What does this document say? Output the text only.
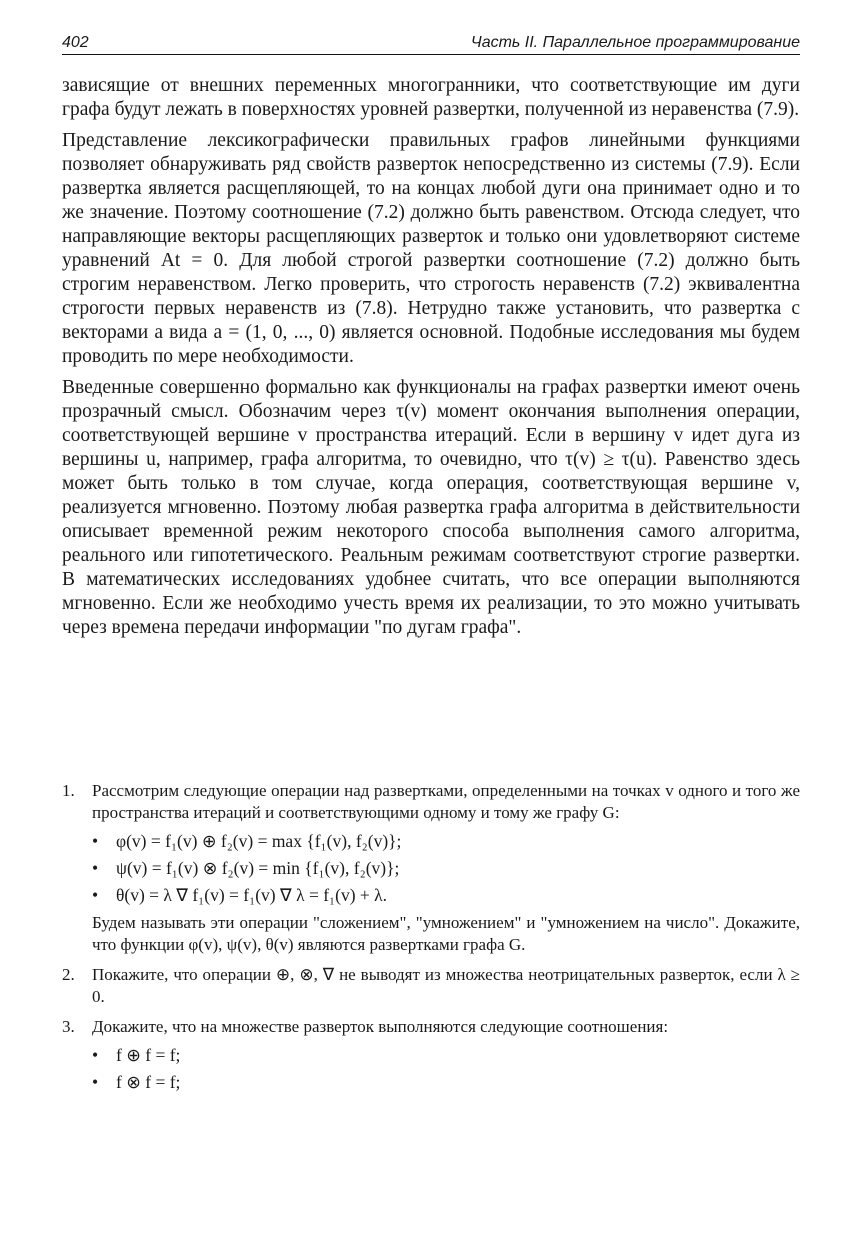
402	Часть II. Параллельное программирование

зависящие от внешних переменных многогранники, что соответствующие им дуги графа будут лежать в поверхностях уровней развертки, полученной из неравенства (7.9).

Представление лексикографически правильных графов линейными функциями позволяет обнаруживать ряд свойств разверток непосредственно из системы (7.9). Если развертка является расщепляющей, то на концах любой дуги она принимает одно и то же значение. Поэтому соотношение (7.2) должно быть равенством. Отсюда следует, что направляющие векторы расщепляющих разверток и только они удовлетворяют системе уравнений At = 0. Для любой строгой развертки соотношение (7.2) должно быть строгим неравенством. Легко проверить, что строгость неравенств (7.2) эквивалентна строгости первых неравенств из (7.8). Нетрудно также установить, что развертка с векторами a вида a = (1, 0, ..., 0) является основной. Подобные исследования мы будем проводить по мере необходимости.

Введенные совершенно формально как функционалы на графах развертки имеют очень прозрачный смысл. Обозначим через τ(v) момент окончания выполнения операции, соответствующей вершине v пространства итераций. Если в вершину v идет дуга из вершины u, например, графа алгоритма, то очевидно, что τ(v) ≥ τ(u). Равенство здесь может быть только в том случае, когда операция, соответствующая вершине v, реализуется мгновенно. Поэтому любая развертка графа алгоритма в действительности описывает временной режим некоторого способа выполнения самого алгоритма, реального или гипотетического. Реальным режимам соответствуют строгие развертки. В математических исследованиях удобнее считать, что все операции выполняются мгновенно. Если же необходимо учесть время их реализации, то это можно учитывать через времена передачи информации "по дугам графа".

1. Рассмотрим следующие операции над развертками, определенными на точках v одного и того же пространства итераций и соответствующими одному и тому же графу G:
• φ(v) = f₁(v) ⊕ f₂(v) = max {f₁(v), f₂(v)};
• ψ(v) = f₁(v) ⊗ f₂(v) = min {f₁(v), f₂(v)};
• θ(v) = λ ∇ f₁(v) = f₁(v) ∇ λ = f₁(v) + λ.
Будем называть эти операции "сложением", "умножением" и "умножением на число". Докажите, что функции φ(v), ψ(v), θ(v) являются развертками графа G.
2. Покажите, что операции ⊕, ⊗, ∇ не выводят из множества неотрицательных разверток, если λ ≥ 0.
3. Докажите, что на множестве разверток выполняются следующие соотношения:
• f ⊕ f = f;
• f ⊗ f = f;
